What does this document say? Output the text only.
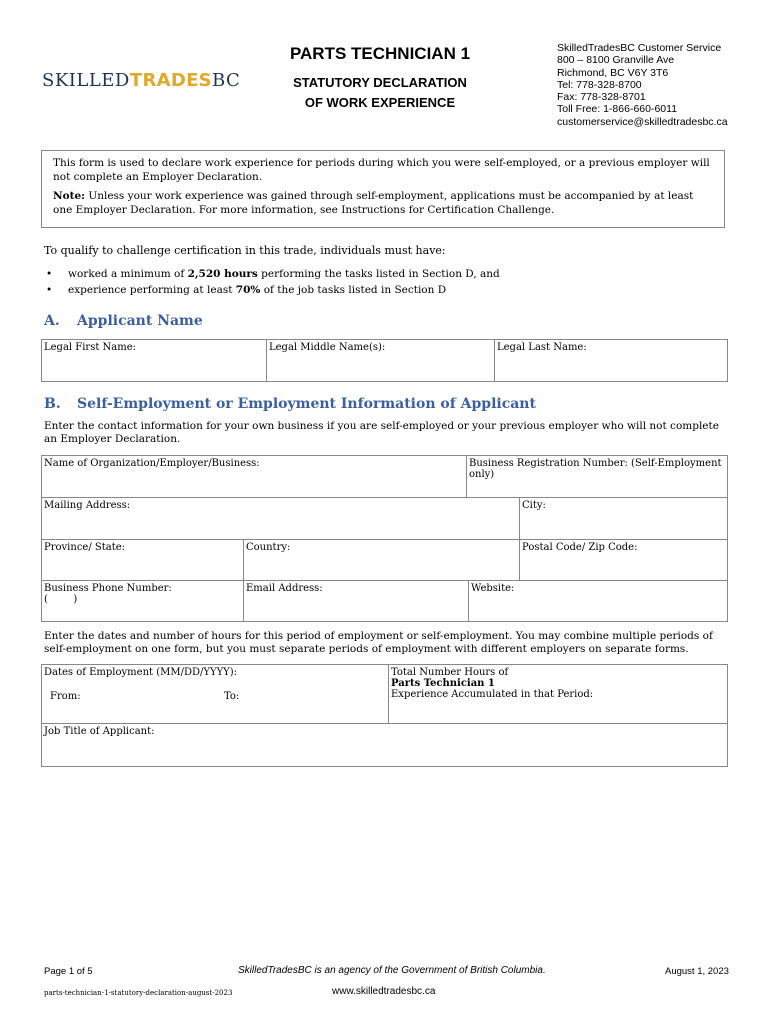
SKILLEDTRADESBC
PARTS TECHNICIAN 1
STATUTORY DECLARATION
OF WORK EXPERIENCE
SkilledTradesBC Customer Service
800 – 8100 Granville Ave
Richmond, BC V6Y 3T6
Tel: 778-328-8700
Fax: 778-328-8701
Toll Free: 1-866-660-6011
customerservice@skilledtradesbc.ca

This form is used to declare work experience for periods during which you were self-employed, or a previous employer will not complete an Employer Declaration.

Note: Unless your work experience was gained through self-employment, applications must be accompanied by at least one Employer Declaration. For more information, see Instructions for Certification Challenge.

To qualify to challenge certification in this trade, individuals must have:
• worked a minimum of 2,520 hours performing the tasks listed in Section D, and
• experience performing at least 70% of the job tasks listed in Section D
A. Applicant Name
Legal First Name:	Legal Middle Name(s):	Legal Last Name:
B. Self-Employment or Employment Information of Applicant
Enter the contact information for your own business if you are self-employed or your previous employer who will not complete an Employer Declaration.
Name of Organization/Employer/Business:	Business Registration Number: (Self-Employment only)
Mailing Address:	City:
Province/ State:	Country:	Postal Code/ Zip Code:
Business Phone Number:
(        )
Email Address:	Website:
Enter the dates and number of hours for this period of employment or self-employment. You may combine multiple periods of self-employment on one form, but you must separate periods of employment with different employers on separate forms.
Dates of Employment (MM/DD/YYYY):
From:	To:
Total Number Hours of
Parts Technician 1
Experience Accumulated in that Period:
Job Title of Applicant:
Page 1 of 5	SkilledTradesBC is an agency of the Government of British Columbia.	August 1, 2023
parts-technician-1-statutory-declaration-august-2023	www.skilledtradesbc.ca
